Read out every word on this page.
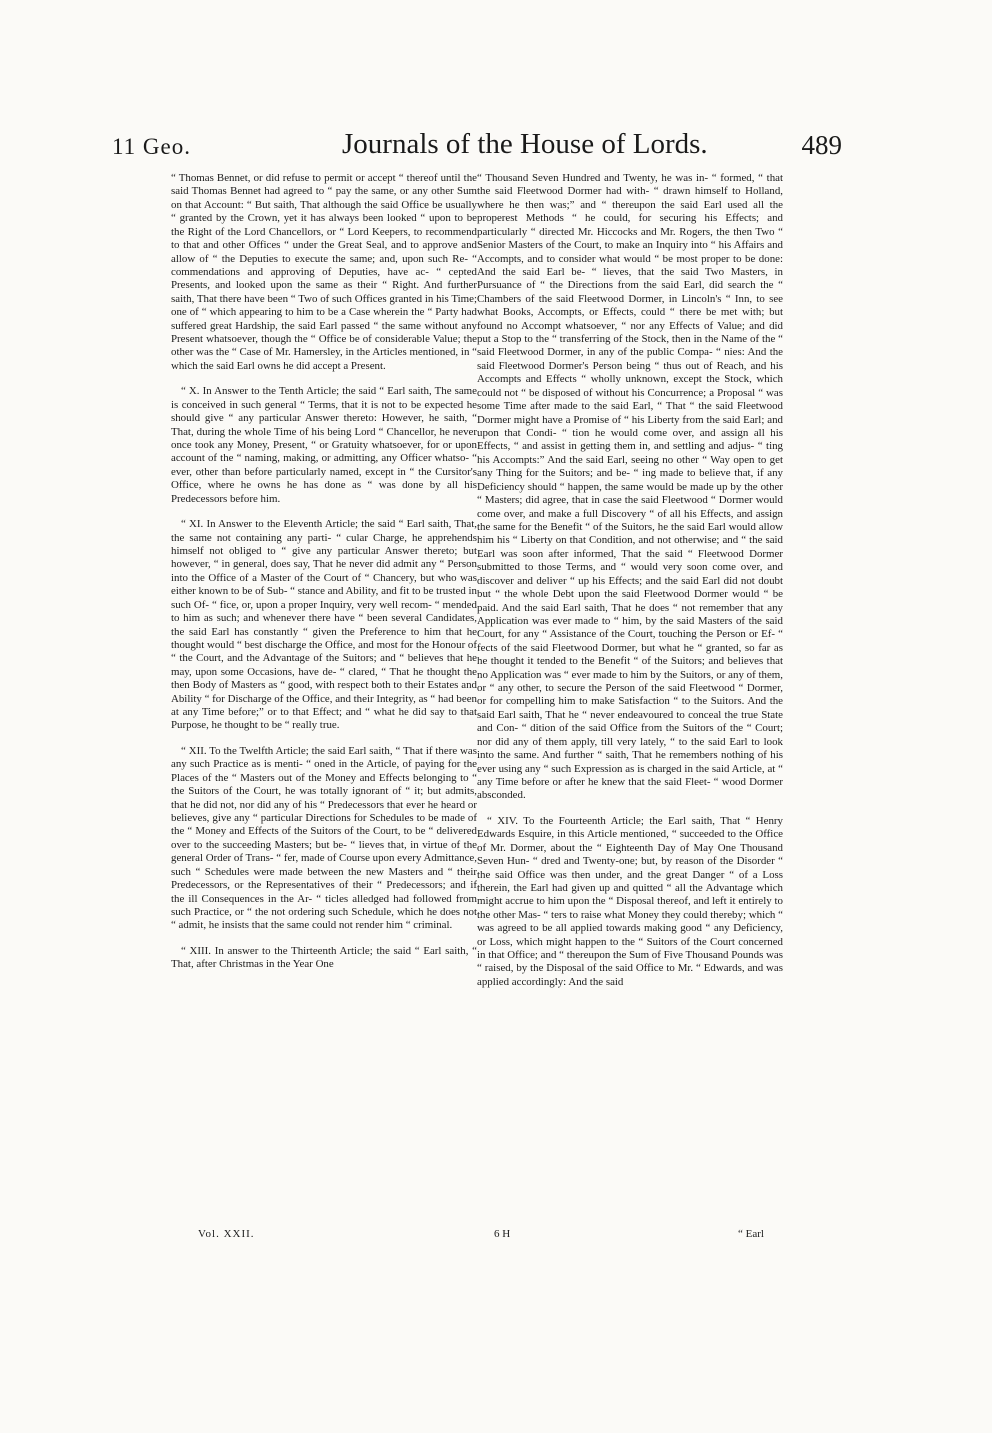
11 Geo.	Journals of the House of Lords.	489

“ Thomas Bennet, or did refuse to permit or accept “ thereof until the said Thomas Bennet had agreed to “ pay the same, or any other Sum on that Account: “ But saith, That although the said Office be usually “ granted by the Crown, yet it has always been looked “ upon to be the Right of the Lord Chancellors, or “ Lord Keepers, to recommend to that and other Offices “ under the Great Seal, and to approve and allow of “ the Deputies to execute the same; and, upon such Re- “ commendations and approving of Deputies, have ac- “ cepted Presents, and looked upon the same as their “ Right. And further saith, That there have been “ Two of such Offices granted in his Time; one of “ which appearing to him to be a Case wherein the “ Party had suffered great Hardship, the said Earl passed “ the same without any Present whatsoever, though the “ Office be of considerable Value; the other was the “ Case of Mr. Hamersley, in the Articles mentioned, in “ which the said Earl owns he did accept a Present.

“ X. In Answer to the Tenth Article; the said “ Earl saith, The same is conceived in such general “ Terms, that it is not to be expected he should give “ any particular Answer thereto: However, he saith, “ That, during the whole Time of his being Lord “ Chancellor, he never once took any Money, Present, “ or Gratuity whatsoever, for or upon account of the “ naming, making, or admitting, any Officer whatso- “ ever, other than before particularly named, except in “ the Cursitor's Office, where he owns he has done as “ was done by all his Predecessors before him.

“ XI. In Answer to the Eleventh Article; the said “ Earl saith, That, the same not containing any parti- “ cular Charge, he apprehends himself not obliged to “ give any particular Answer thereto; but however, “ in general, does say, That he never did admit any “ Person into the Office of a Master of the Court of “ Chancery, but who was either known to be of Sub- “ stance and Ability, and fit to be trusted in such Of- “ fice, or, upon a proper Inquiry, very well recom- “ mended to him as such; and whenever there have “ been several Candidates, the said Earl has constantly “ given the Preference to him that he thought would “ best discharge the Office, and most for the Honour of “ the Court, and the Advantage of the Suitors; and “ believes that he may, upon some Occasions, have de- “ clared, “ That he thought the then Body of Masters as “ good, with respect both to their Estates and Ability “ for Discharge of the Office, and their Integrity, as “ had been at any Time before;” or to that Effect; and “ what he did say to that Purpose, he thought to be “ really true.

“ XII. To the Twelfth Article; the said Earl saith, “ That if there was any such Practice as is menti- “ oned in the Article, of paying for the Places of the “ Masters out of the Money and Effects belonging to “ the Suitors of the Court, he was totally ignorant of “ it; but admits, that he did not, nor did any of his “ Predecessors that ever he heard or believes, give any “ particular Directions for Schedules to be made of the “ Money and Effects of the Suitors of the Court, to be “ delivered over to the succeeding Masters; but be- “ lieves that, in virtue of the general Order of Trans- “ fer, made of Course upon every Admittance, such “ Schedules were made between the new Masters and “ their Predecessors, or the Representatives of their “ Predecessors; and if the ill Consequences in the Ar- “ ticles alledged had followed from such Practice, or “ the not ordering such Schedule, which he does not “ admit, he insists that the same could not render him “ criminal.

“ XIII. In answer to the Thirteenth Article; the said “ Earl saith, “ That, after Christmas in the Year One

“ Thousand Seven Hundred and Twenty, he was in- “ formed, “ that the said Fleetwood Dormer had with- “ drawn himself to Holland, where he then was;” and “ thereupon the said Earl used all the properest Methods “ he could, for securing his Effects; and particularly “ directed Mr. Hiccocks and Mr. Rogers, the then Two “ Senior Masters of the Court, to make an Inquiry into “ his Affairs and Accompts, and to consider what would “ be most proper to be done: And the said Earl be- “ lieves, that the said Two Masters, in Pursuance of “ the Directions from the said Earl, did search the “ Chambers of the said Fleetwood Dormer, in Lincoln's “ Inn, to see what Books, Accompts, or Effects, could “ there be met with; but found no Accompt whatsoever, “ nor any Effects of Value; and did put a Stop to the “ transferring of the Stock, then in the Name of the “ said Fleetwood Dormer, in any of the public Compa- “ nies: And the said Fleetwood Dormer's Person being “ thus out of Reach, and his Accompts and Effects “ wholly unknown, except the Stock, which could not “ be disposed of without his Concurrence; a Proposal “ was some Time after made to the said Earl, “ That “ the said Fleetwood Dormer might have a Promise of “ his Liberty from the said Earl; and upon that Condi- “ tion he would come over, and assign all his Effects, “ and assist in getting them in, and settling and adjus- “ ting his Accompts:” And the said Earl, seeing no other “ Way open to get any Thing for the Suitors; and be- “ ing made to believe that, if any Deficiency should “ happen, the same would be made up by the other “ Masters; did agree, that in case the said Fleetwood “ Dormer would come over, and make a full Discovery “ of all his Effects, and assign the same for the Benefit “ of the Suitors, he the said Earl would allow him his “ Liberty on that Condition, and not otherwise; and “ the said Earl was soon after informed, That the said “ Fleetwood Dormer submitted to those Terms, and “ would very soon come over, and discover and deliver “ up his Effects; and the said Earl did not doubt but “ the whole Debt upon the said Fleetwood Dormer would “ be paid. And the said Earl saith, That he does “ not remember that any Application was ever made to “ him, by the said Masters of the said Court, for any “ Assistance of the Court, touching the Person or Ef- “ fects of the said Fleetwood Dormer, but what he “ granted, so far as he thought it tended to the Benefit “ of the Suitors; and believes that no Application was “ ever made to him by the Suitors, or any of them, or “ any other, to secure the Person of the said Fleetwood “ Dormer, or for compelling him to make Satisfaction “ to the Suitors. And the said Earl saith, That he “ never endeavoured to conceal the true State and Con- “ dition of the said Office from the Suitors of the “ Court; nor did any of them apply, till very lately, “ to the said Earl to look into the same. And further “ saith, That he remembers nothing of his ever using any “ such Expression as is charged in the said Article, at “ any Time before or after he knew that the said Fleet- “ wood Dormer absconded.

“ XIV. To the Fourteenth Article; the Earl saith, That “ Henry Edwards Esquire, in this Article mentioned, “ succeeded to the Office of Mr. Dormer, about the “ Eighteenth Day of May One Thousand Seven Hun- “ dred and Twenty-one; but, by reason of the Disorder “ the said Office was then under, and the great Danger “ of a Loss therein, the Earl had given up and quitted “ all the Advantage which might accrue to him upon the “ Disposal thereof, and left it entirely to the other Mas- “ ters to raise what Money they could thereby; which “ was agreed to be all applied towards making good “ any Deficiency, or Loss, which might happen to the “ Suitors of the Court concerned in that Office; and “ thereupon the Sum of Five Thousand Pounds was “ raised, by the Disposal of the said Office to Mr. “ Edwards, and was applied accordingly: And the said

Vol. XXII.	6 H	“ Earl
